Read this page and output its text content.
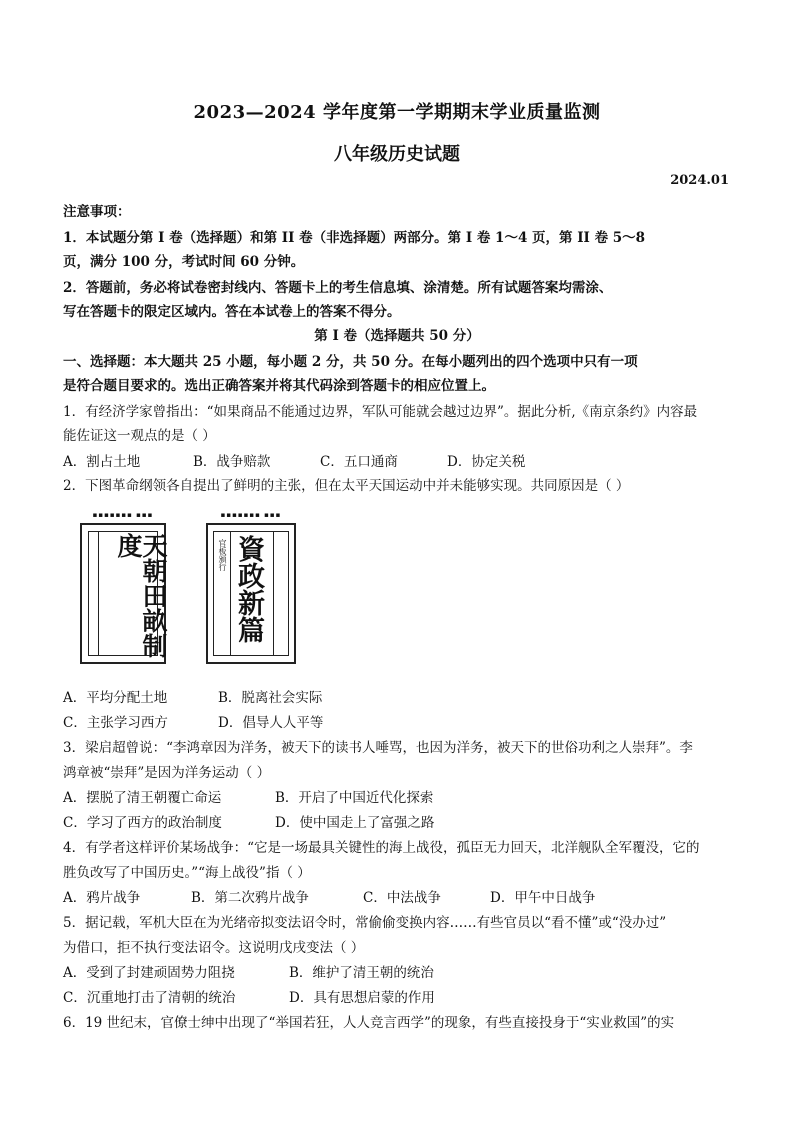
2023—2024 学年度第一学期期末学业质量监测
八年级历史试题
2024.01
注意事项：
1．本试题分第 I 卷（选择题）和第 II 卷（非选择题）两部分。第 I 卷 1～4 页，第 II 卷 5～8
页，满分 100 分，考试时间 60 分钟。
2．答题前，务必将试卷密封线内、答题卡上的考生信息填、涂清楚。所有试题答案均需涂、
写在答题卡的限定区域内。答在本试卷上的答案不得分。
第 I 卷（选择题共 50 分）
一、选择题：本大题共 25 小题，每小题 2 分，共 50 分。在每小题列出的四个选项中只有一项
是符合题目要求的。选出正确答案并将其代码涂到答题卡的相应位置上。
1．有经济学家曾指出：“如果商品不能通过边界，军队可能就会越过边界”。据此分析,《南京条约》内容最
能佐证这一观点的是（ ）
A．割占土地	B．战争赔款	C．五口通商	D．协定关税
2．下图革命纲领各自提出了鲜明的主张，但在太平天国运动中并未能够实现。共同原因是（ ）
▪▪▪▪▪▪▪ ▪▪▪
天朝田畝制度
▪▪▪▪▪▪▪ ▪▪▪
官板頒行 資政新篇
A．平均分配土地	B．脱离社会实际
C．主张学习西方	D．倡导人人平等
3．梁启超曾说：“李鸿章因为洋务，被天下的读书人唾骂，也因为洋务，被天下的世俗功利之人崇拜”。李
鸿章被“崇拜”是因为洋务运动（ ）
A．摆脱了清王朝覆亡命运	B．开启了中国近代化探索
C．学习了西方的政治制度	D．使中国走上了富强之路
4．有学者这样评价某场战争：“它是一场最具关键性的海上战役，孤臣无力回天，北洋舰队全军覆没，它的
胜负改写了中国历史。”“海上战役”指（ ）
A．鸦片战争	B．第二次鸦片战争	C．中法战争	D．甲午中日战争
5．据记载，军机大臣在为光绪帝拟变法诏令时，常偷偷变换内容……有些官员以“看不懂”或“没办过”
为借口，拒不执行变法诏令。这说明戊戌变法（ ）
A．受到了封建顽固势力阻挠	B．维护了清王朝的统治
C．沉重地打击了清朝的统治	D．具有思想启蒙的作用
6．19 世纪末，官僚士绅中出现了“举国若狂，人人竞言西学”的现象，有些直接投身于“实业救国”的实
